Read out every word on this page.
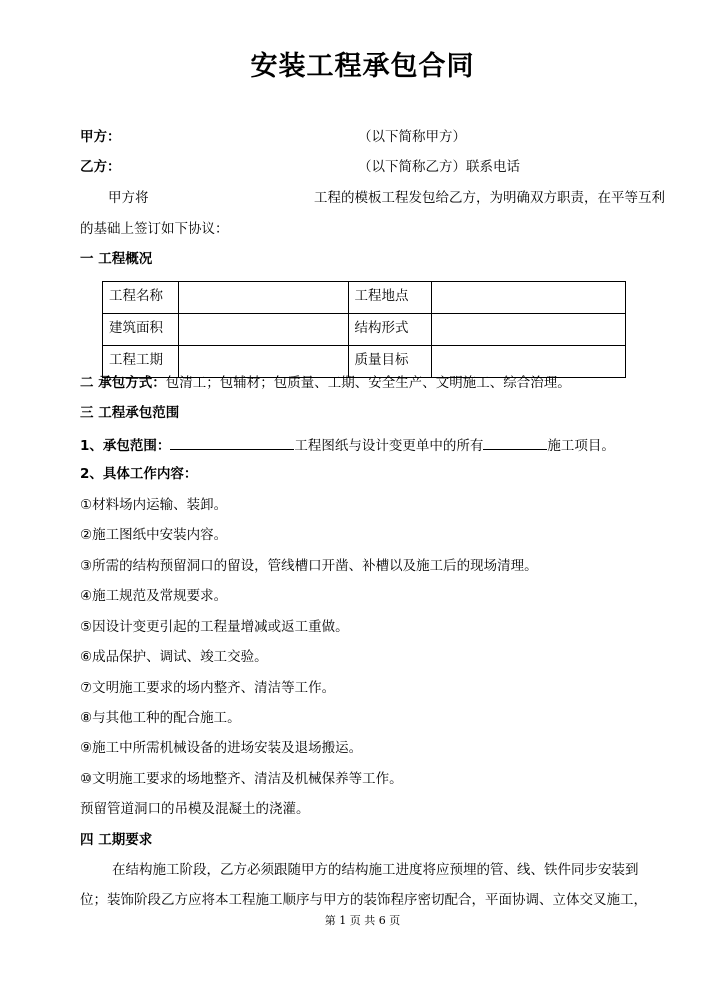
安装工程承包合同
甲方：	（以下简称甲方）
乙方：	（以下简称乙方）联系电话
甲方将	工程的模板工程发包给乙方，为明确双方职责，在平等互利
的基础上签订如下协议：
一 工程概况
工程名称		工程地点	
建筑面积		结构形式	
工程工期		质量目标	
二 承包方式：包清工；包辅材；包质量、工期、安全生产、文明施工、综合治理。
三 工程承包范围
1、承包范围：	工程图纸与设计变更单中的所有	施工项目。
2、具体工作内容：
①材料场内运输、装卸。
②施工图纸中安装内容。
③所需的结构预留洞口的留设，管线槽口开凿、补槽以及施工后的现场清理。
④施工规范及常规要求。
⑤因设计变更引起的工程量增减或返工重做。
⑥成品保护、调试、竣工交验。
⑦文明施工要求的场内整齐、清洁等工作。
⑧与其他工种的配合施工。
⑨施工中所需机械设备的进场安装及退场搬运。
⑩文明施工要求的场地整齐、清洁及机械保养等工作。
预留管道洞口的吊模及混凝土的浇灌。
四 工期要求
在结构施工阶段，乙方必须跟随甲方的结构施工进度将应预埋的管、线、铁件同步安装到
位；装饰阶段乙方应将本工程施工顺序与甲方的装饰程序密切配合，平面协调、立体交叉施工，
第 1 页 共 6 页
